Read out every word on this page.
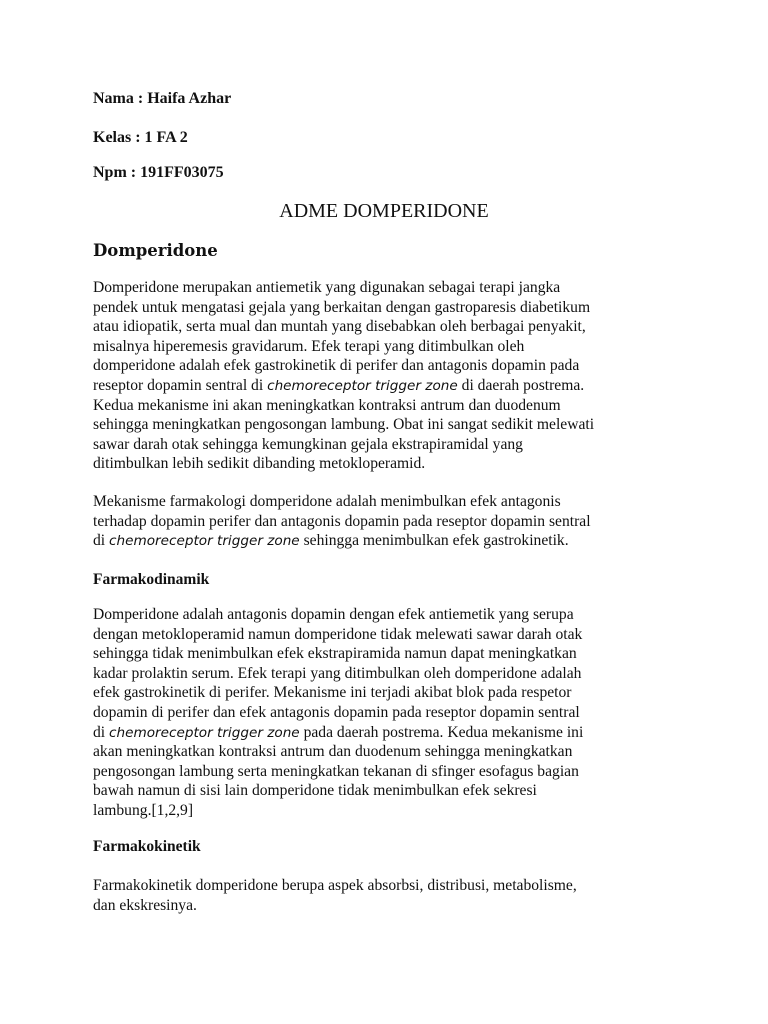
Nama : Haifa Azhar
Kelas : 1 FA 2
Npm : 191FF03075
ADME DOMPERIDONE
Domperidone
Domperidone merupakan antiemetik yang digunakan sebagai terapi jangka
pendek untuk mengatasi gejala yang berkaitan dengan gastroparesis diabetikum
atau idiopatik, serta mual dan muntah yang disebabkan oleh berbagai penyakit,
misalnya hiperemesis gravidarum. Efek terapi yang ditimbulkan oleh
domperidone adalah efek gastrokinetik di perifer dan antagonis dopamin pada
reseptor dopamin sentral di chemoreceptor trigger zone di daerah postrema.
Kedua mekanisme ini akan meningkatkan kontraksi antrum dan duodenum
sehingga meningkatkan pengosongan lambung. Obat ini sangat sedikit melewati
sawar darah otak sehingga kemungkinan gejala ekstrapiramidal yang
ditimbulkan lebih sedikit dibanding metokloperamid.
Mekanisme farmakologi domperidone adalah menimbulkan efek antagonis
terhadap dopamin perifer dan antagonis dopamin pada reseptor dopamin sentral
di chemoreceptor trigger zone sehingga menimbulkan efek gastrokinetik.
Farmakodinamik
Domperidone adalah antagonis dopamin dengan efek antiemetik yang serupa
dengan metokloperamid namun domperidone tidak melewati sawar darah otak
sehingga tidak menimbulkan efek ekstrapiramida namun dapat meningkatkan
kadar prolaktin serum. Efek terapi yang ditimbulkan oleh domperidone adalah
efek gastrokinetik di perifer. Mekanisme ini terjadi akibat blok pada respetor
dopamin di perifer dan efek antagonis dopamin pada reseptor dopamin sentral
di chemoreceptor trigger zone pada daerah postrema. Kedua mekanisme ini
akan meningkatkan kontraksi antrum dan duodenum sehingga meningkatkan
pengosongan lambung serta meningkatkan tekanan di sfinger esofagus bagian
bawah namun di sisi lain domperidone tidak menimbulkan efek sekresi
lambung.[1,2,9]
Farmakokinetik
Farmakokinetik domperidone berupa aspek absorbsi, distribusi, metabolisme,
dan ekskresinya.
